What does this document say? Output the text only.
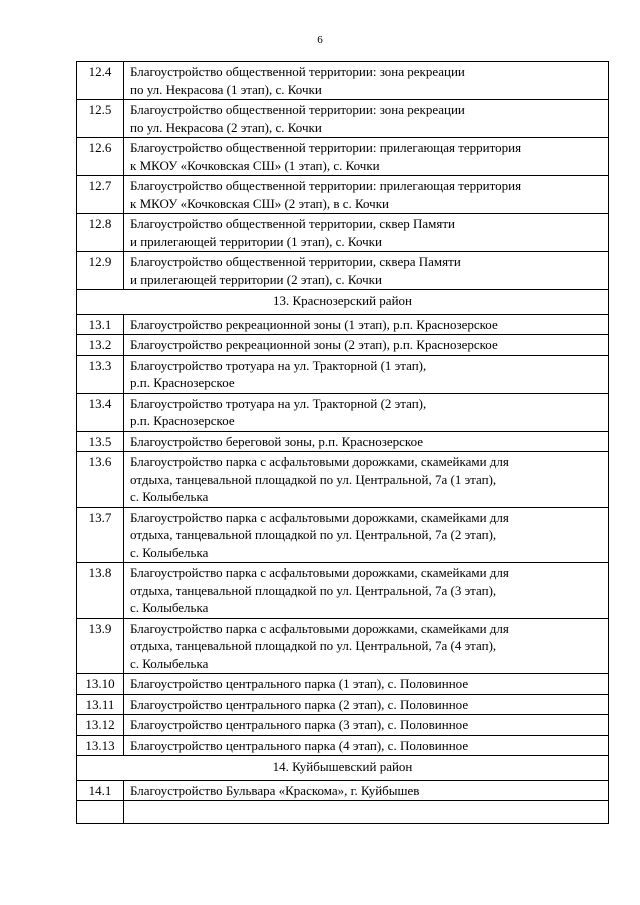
6
12.4	Благоустройство общественной территории: зона рекреации
по ул. Некрасова (1 этап), с. Кочки
12.5	Благоустройство общественной территории: зона рекреации
по ул. Некрасова (2 этап), с. Кочки
12.6	Благоустройство общественной территории: прилегающая территория
к МКОУ «Кочковская СШ» (1 этап), с. Кочки
12.7	Благоустройство общественной территории: прилегающая территория
к МКОУ «Кочковская СШ» (2 этап), в с. Кочки
12.8	Благоустройство общественной территории, сквер Памяти
и прилегающей территории (1 этап), с. Кочки
12.9	Благоустройство общественной территории, сквера Памяти
и прилегающей территории (2 этап), с. Кочки
13. Краснозерский район	
13.1	Благоустройство рекреационной зоны (1 этап), р.п. Краснозерское
13.2	Благоустройство рекреационной зоны (2 этап), р.п. Краснозерское
13.3	Благоустройство тротуара на ул. Тракторной (1 этап),
р.п. Краснозерское
13.4	Благоустройство тротуара на ул. Тракторной (2 этап),
р.п. Краснозерское
13.5	Благоустройство береговой зоны, р.п. Краснозерское
13.6	Благоустройство парка с асфальтовыми дорожками, скамейками для
отдыха, танцевальной площадкой по ул. Центральной, 7а (1 этап),
с. Колыбелька
13.7	Благоустройство парка с асфальтовыми дорожками, скамейками для
отдыха, танцевальной площадкой по ул. Центральной, 7а (2 этап),
с. Колыбелька
13.8	Благоустройство парка с асфальтовыми дорожками, скамейками для
отдыха, танцевальной площадкой по ул. Центральной, 7а (3 этап),
с. Колыбелька
13.9	Благоустройство парка с асфальтовыми дорожками, скамейками для
отдыха, танцевальной площадкой по ул. Центральной, 7а (4 этап),
с. Колыбелька
13.10	Благоустройство центрального парка (1 этап), с. Половинное
13.11	Благоустройство центрального парка (2 этап), с. Половинное
13.12	Благоустройство центрального парка (3 этап), с. Половинное
13.13	Благоустройство центрального парка (4 этап), с. Половинное
14. Куйбышевский район	
14.1	Благоустройство Бульвара «Краскома», г. Куйбышев
